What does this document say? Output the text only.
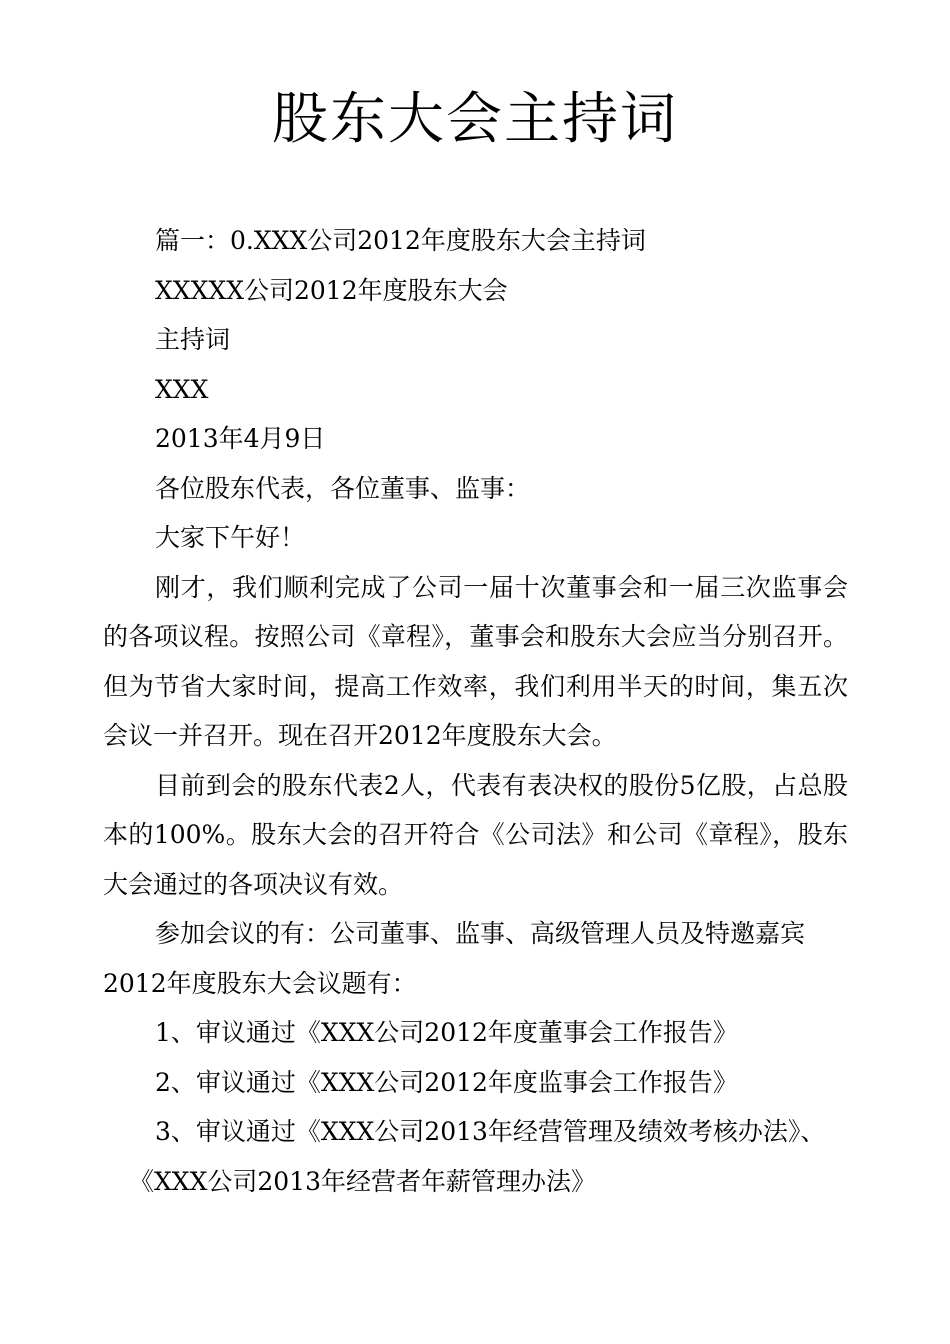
股东大会主持词

篇一：0.XXX公司2012年度股东大会主持词

XXXXX公司2012年度股东大会

主持词

XXX

2013年4月9日

各位股东代表，各位董事、监事：

大家下午好！

刚才，我们顺利完成了公司一届十次董事会和一届三次监事会的各项议程。按照公司《章程》，董事会和股东大会应当分别召开。但为节省大家时间，提高工作效率，我们利用半天的时间，集五次会议一并召开。现在召开2012年度股东大会。

目前到会的股东代表2人，代表有表决权的股份5亿股，占总股本的100%。股东大会的召开符合《公司法》和公司《章程》，股东大会通过的各项决议有效。

参加会议的有：公司董事、监事、高级管理人员及特邀嘉宾

2012年度股东大会议题有：

1、审议通过《XXX公司2012年度董事会工作报告》

2、审议通过《XXX公司2012年度监事会工作报告》

3、审议通过《XXX公司2013年经营管理及绩效考核办法》、

《XXX公司2013年经营者年薪管理办法》
